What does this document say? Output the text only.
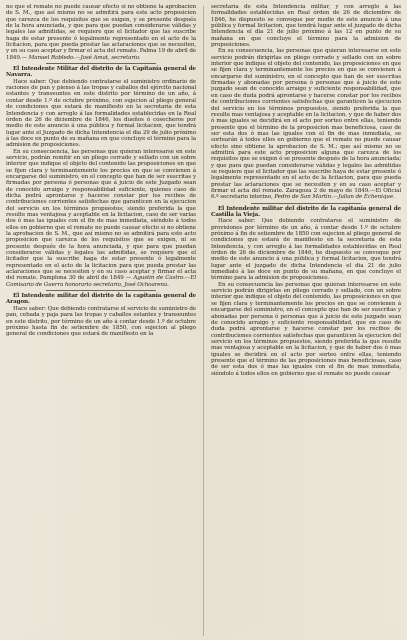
no que el remate no puede causar efecto si no obtiene la aprobacion de S. M., que así mismo no se admitirá para este acto proposicion que carezca de los requisitos que se exigen, y se presente después de la hora anunciada, y que para que puedan considerarse válidas y legales las admitidas, se requiere que el licitador que las suscribe haga de estar presente ó legalmente representado en el acto de la licitacion, para que pueda prestar las aclaraciones que se necesiten, y en su caso aceptar y firmar el acta del remate. Palma 19 de abril de 1849.— Manuel Robledo.—José Amat, secretario.

El Intendente Militar del distrito de la Capitanía general de Navarra.

Hace saber: Que debiendo contratarse el suministro ordinario de raciones de pan y pienso á las tropas y caballos del ejército nacional estantes y transeuntes en este distrito por término de un año, á contar desde 1.º de octubre próximo, con sujecion al pliego general de condiciones que estará de manifiesto en la secretaría de esta Intendencia y con arreglo á las formalidades establecidas en la Real órden de 26 de diciembre de 1846, los dueños ó cosecheros por medio de este anuncio á una pública y formal licitacion, que tendrá lugar ante el Juzgado de dicha Intendencia el dia 29 de julio próximo á las doce en punto de su mañana en que concluye el término para la admision de proposiciones.

En su consecuencia, las personas que quieran interesarse en este servicio, podrán remitir en un pliego cerrado y sellado con un sobre interior que indique el objeto del contenido las proposiciones en que se fijen clara y terminantemente los precios en que se convienen á encargarse del suministro, en el concepto que han de ser suscritas y firmadas por persona ó personas que á juicio de este Juzgado sean de conocido arraigo y responsabilidad suficiente, quienes caso de dicha podrá aprontarse y hacerse constar por los recibos de contribuciones corrientes satisfechas que garanticen en la ejecucion del servicio en los términos propuestos; siendo preferida la que resulte mas ventajosa y aceptable en la licitacion, caso de ser varias dos ó mas las iguales con el fin de mas inmediata, siéndolo á todos ellos en gobierno que el remate no puede causar efecto si no obtiene la aprobacion de S. M., que así mismo no se admitirá para este acto proposicion que carezca de los requisitos que se exigen, ni se presente después de la hora anunciada, y que para que puedan considerarse válidas y legales las admitidas, se requiere que el licitador que la suscribe haga de estar presente ó legalmente representado en el acto de la licitacion para que pueda prestar las aclaraciones que se necesiten y en su caso aceptar y firmar el acta del remate. Pamplona 30 de abril de 1849 — Agustin de Castro.—El Comisario de Guerra honorario secretario, José Ochoarena.

El Intendente militar del distrito de la capitanía general de Aragon.

Hace saber: Que debiendo contratarse el servicio de suministro de pan, cebada y paja para las tropas y caballos estantes y transeuntes en este distrito, por término de un año á contar desde 1.º de octubre próximo hasta fin de setiembre de 1850, con sujecion al pliego general de condiciones que estará de manifiesto en la

secretaría de esta Intendencia militar, y con arreglo á las formalidades establecidas en Real órden de 26 de diciembre de 1846, he dispuesto se convoque por medio de este anuncio á una pública y formal licitacion, que tendrá lugar ante el juzgado de dicha Intendencia el dia 21 de julio próximo á las 12 en punto de su mañana en que concluye el término para la admision de proposiciones.

En su consecuencia, las personas que quieran interesarse en este servicio podrán dirigirlas en pliego cerrado y sellado con un sobre interior que indique el objeto del contenido, las proposiciones en que se fijen clara y terminantemente los precios en que se convienen á encargarse del suministro, en el concepto que han de ser suscritas firmadas y abonadas por persona ó personas que á juicio de este juzgado sean de conocido arraigo y suficiente responsabilidad, que en caso de duda podrá aprontarse y hacerse constar por los recibos de contribuciones corrientes satisfechas que garanticen la ejecucion del servicio en los términos propuestos, siendo preferida la que resulte mas ventajosa y aceptable en la licitacion, y que de haber dos ó mas iguales se decidirá en el acto por sorteo entre ellas, teniendo presente que el término de la proposicion mas beneficiosa, caso de ser esta dos ó mas las iguales con el fin de mas inmediata, se sortearán á todos ellos en gobierno que el remate no puede causar efecto sino obtiene la aprobacion de S. M.; que así mismo no se admitirá para este acto proposicion alguna que carezca de los requisitos que se exigen ó se presente después de la hora anunciada; y que para que puedan considerarse válidas y legales las admitidas se requiere que el licitador que las suscribe haya de estar presente ó legalmente representado en el acto de la licitacion, para que pueda prestar las aclaraciones que se necesiten y en su caso aceptar y firmar el acta del remate. Zaragoza 2 de mayo de 1849.—El Oficial 6.º secretario interino, Pedro de San Martin.—Julian de Echenique.

El Intendente militar del distrito de la capitanía general de Castilla la Vieja.

Hace saber: Que debiendo contratarse el suministro de provisiones por término de un año, á contar desde 1.º de octubre próximo á fin de setiembre de 1850 con sujecion al pliego general de condiciones que estará de manifiesto en la secretaría de esta Intendencia, y con arreglo á las formalidades establecidas en Real órden de 26 de diciembre de 1846, he dispuesto se convoque por medio de este anuncio á una pública y formal licitacion, que tendrá lugar ante el juzgado de dicha Intendencia el dia 21 de julio inmediato á las doce en punto de su mañana, en que concluye el término para la admision de proposiciones.

En su consecuencia las personas que quieran interesarse en este servicio podrán dirigirlas en pliego cerrado y sellado, con un sobre interior que indique el objeto del contenido, las proposiciones en que se fijen clara y terminantemente los precios en que se convienen á encargarse del suministro, en el concepto que han de ser suscritas y abonadas por persona ó personas que á juicio de este juzgado sean de conocido arraigo y suficiente responsabilidad, que en caso de duda podrá aprontarse y hacerse constar por los recibos de contribuciones corrientes satisfechas que garanticen la ejecucion del servicio en los términos propuestos, siendo preferida la que resulte mas ventajosa y aceptable en la licitacion, y que de haber dos ó mas iguales se decidirá en el acto por sorteo entre ellas, teniendo presente que el término de las proposiciones mas beneficiosas, caso de ser esta dos ó mas las iguales con el fin de mas inmediata, siéndolo á todos ellos en gobierno que el remate no puede causar
